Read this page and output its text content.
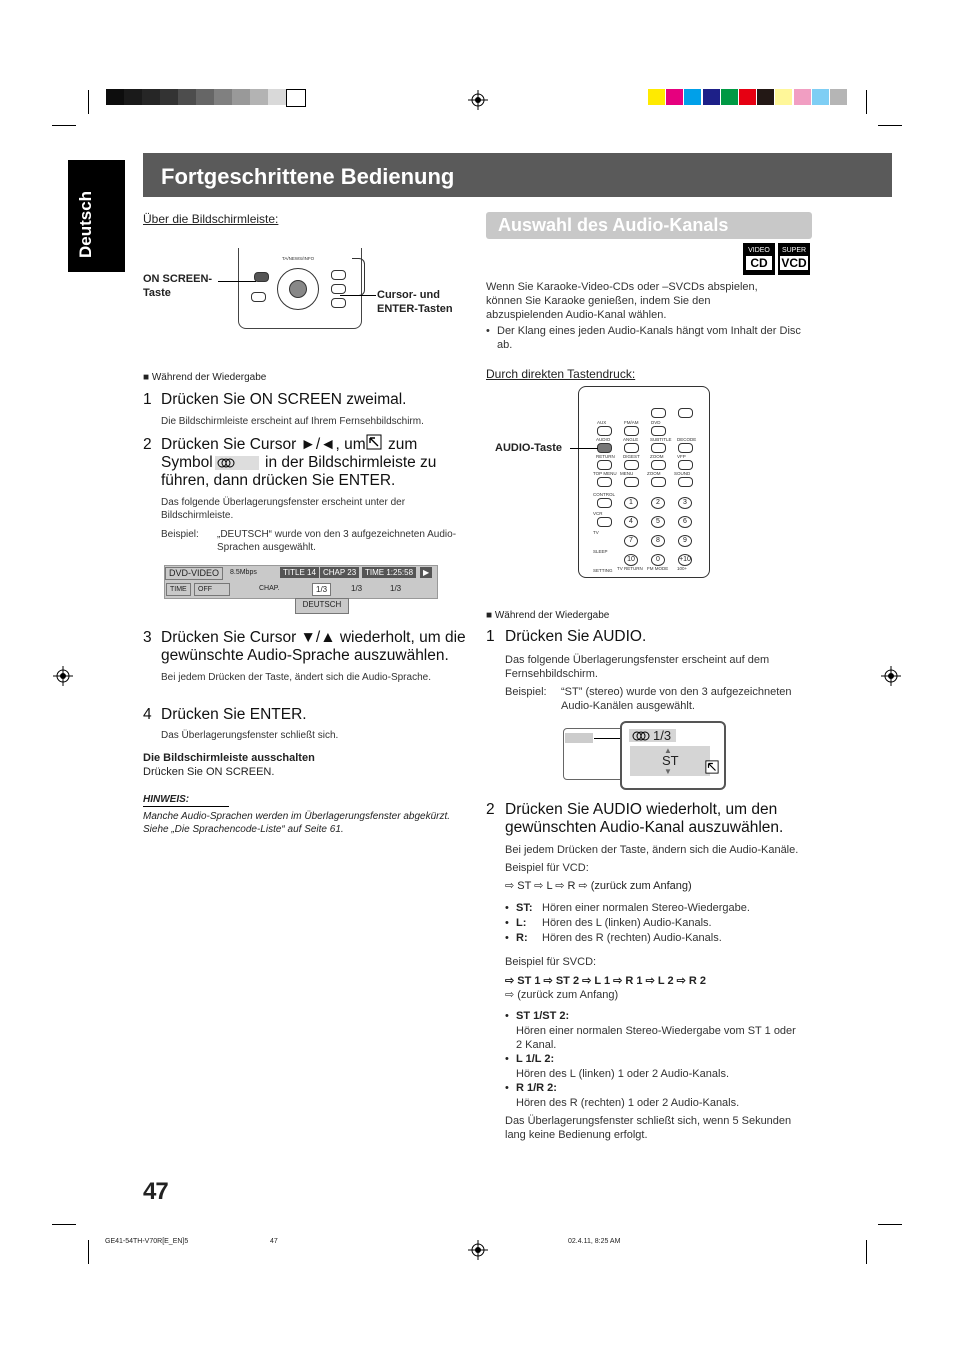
Deutsch
Fortgeschrittene Bedienung
Über die Bildschirmleiste:
TA/NEWS/INFO
ON SCREEN-
Taste	Cursor- und
ENTER-Tasten
■ Während der Wiedergabe
1 Drücken Sie ON SCREEN zweimal.
Die Bildschirmleiste erscheint auf Ihrem Fernsehbildschirm.
2 Drücken Sie Cursor ►/◄, um zum
Symbol	in der Bildschirmleiste zu
führen, dann drücken Sie ENTER.
Das folgende Überlagerungsfenster erscheint unter der Bildschirmleiste.
Beispiel: „DEUTSCH“ wurde von den 3 aufgezeichneten Audio-Sprachen ausgewählt.
DVD-VIDEO	8.5Mbps	TITLE 14 CHAP 23	TIME 1:25:58	▶
TIME	OFF	CHAP.	1/3	1/3	1/3
DEUTSCH
3 Drücken Sie Cursor ▼/▲ wiederholt, um die gewünschte Audio-Sprache auszuwählen.
Bei jedem Drücken der Taste, ändert sich die Audio-Sprache.
4 Drücken Sie ENTER.
Das Überlagerungsfenster schließt sich.
Die Bildschirmleiste ausschalten
Drücken Sie ON SCREEN.
HINWEIS:
Manche Audio-Sprachen werden im Überlagerungsfenster abgekürzt. Siehe „Die Sprachencode-Liste“ auf Seite 61.
Auswahl des Audio-Kanals
VIDEO
CD
SUPER
VCD
Wenn Sie Karaoke-Video-CDs oder –SVCDs abspielen, können Sie Karaoke genießen, indem Sie den abzuspielenden Audio-Kanal wählen.
• Der Klang eines jeden Audio-Kanals hängt vom Inhalt der Disc ab.
Durch direkten Tastendruck:
AUX	FM/AM	DVD
AUDIO	ANGLE	SUBTITLE DECODE
RETURN DIGEST ZOOM	VFP
TOP MENU MENU	ZOOM	SOUND
CONTROL
VCR
TV
SLEEP
SETTING
1	2	3
4	5	6
7	8	9
10	0	+10
TV RETURN FM MODE 100+
AUDIO-Taste
■ Während der Wiedergabe
1 Drücken Sie AUDIO.
Das folgende Überlagerungsfenster erscheint auf dem Fernsehbildschirm.
Beispiel: “ST” (stereo) wurde von den 3 aufgezeichneten Audio-Kanälen ausgewählt.
1/3
▲
ST
▼
2 Drücken Sie AUDIO wiederholt, um den gewünschten Audio-Kanal auszuwählen.
Bei jedem Drücken der Taste, ändern sich die Audio-Kanäle.
Beispiel für VCD:
⇨ ST ⇨ L ⇨ R ⇨ (zurück zum Anfang)
• ST: Hören einer normalen Stereo-Wiedergabe.
• L: Hören des L (linken) Audio-Kanals.
• R: Hören des R (rechten) Audio-Kanals.
Beispiel für SVCD:
⇨ ST 1 ⇨ ST 2 ⇨ L 1 ⇨ R 1 ⇨ L 2 ⇨ R 2
⇨ (zurück zum Anfang)
• ST 1/ST 2:
Hören einer normalen Stereo-Wiedergabe vom ST 1 oder 2 Kanal.
• L 1/L 2:
Hören des L (linken) 1 oder 2 Audio-Kanals.
• R 1/R 2:
Hören des R (rechten) 1 oder 2 Audio-Kanals.
Das Überlagerungsfenster schließt sich, wenn 5 Sekunden lang keine Bedienung erfolgt.
47
GE41-54TH-V70R[E_EN]5	47	02.4.11, 8:25 AM
